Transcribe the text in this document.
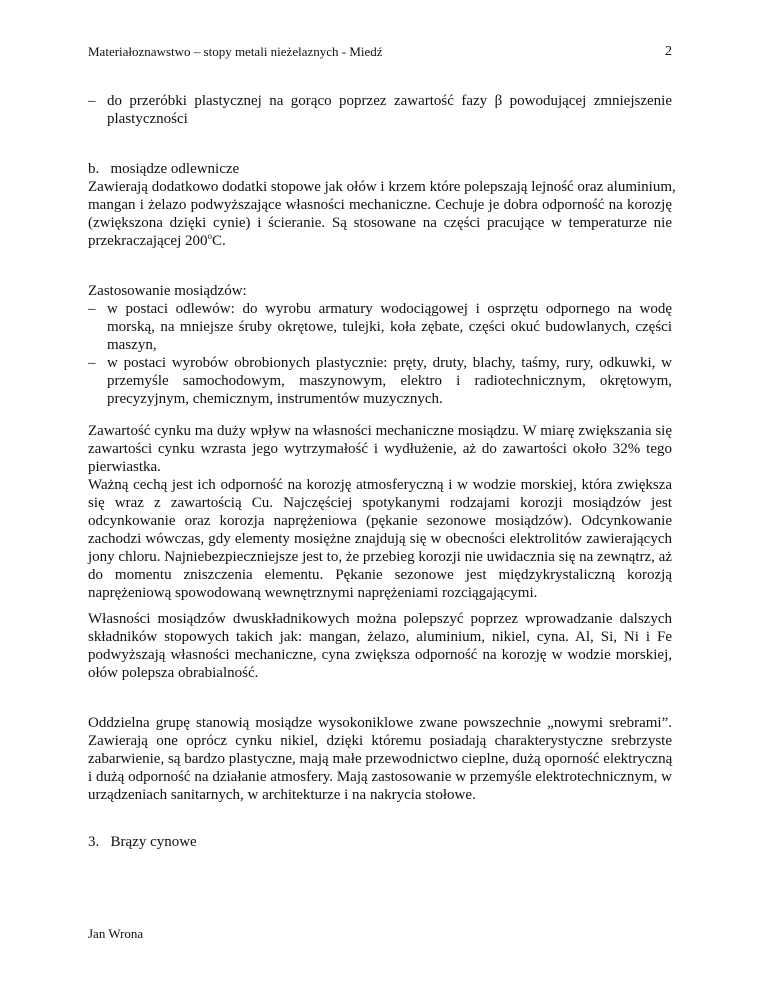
Materiałoznawstwo – stopy metali nieżelaznych - Miedź	2
– do przeróbki plastycznej na gorąco poprzez zawartość fazy β powodującej zmniejszenie
plastyczności
b.   mosiądze odlewnicze
Zawierają dodatkowo dodatki stopowe jak ołów i krzem które polepszają lejność oraz aluminium,
mangan i żelazo podwyższające własności mechaniczne. Cechuje je dobra odporność na korozję
(zwiększona dzięki cynie) i ścieranie. Są stosowane na części pracujące w temperaturze nie
przekraczającej 200$^o$C.
Zastosowanie mosiądzów:
– w postaci odlewów: do wyrobu armatury wodociągowej i osprzętu odpornego na wodę
morską, na mniejsze śruby okrętowe, tulejki, koła zębate, części okuć budowlanych, części
maszyn,
– w postaci wyrobów obrobionych plastycznie: pręty, druty, blachy, taśmy, rury, odkuwki, w
przemyśle samochodowym, maszynowym, elektro i radiotechnicznym, okrętowym,
precyzyjnym, chemicznym, instrumentów muzycznych.
Zawartość cynku ma duży wpływ na własności mechaniczne mosiądzu. W miarę zwiększania się
zawartości cynku wzrasta jego wytrzymałość i wydłużenie, aż do zawartości około 32% tego
pierwiastka.
Ważną cechą jest ich odporność na korozję atmosferyczną i w wodzie morskiej, która zwiększa
się wraz z zawartością Cu. Najczęściej spotykanymi rodzajami korozji mosiądzów jest
odcynkowanie oraz korozja naprężeniowa (pękanie sezonowe mosiądzów). Odcynkowanie
zachodzi wówczas, gdy elementy mosiężne znajdują się w obecności elektrolitów zawierających
jony chloru. Najniebezpieczniejsze jest to, że przebieg korozji nie uwidacznia się na zewnątrz, aż
do momentu zniszczenia elementu. Pękanie sezonowe jest międzykrystaliczną korozją
naprężeniową spowodowaną wewnętrznymi naprężeniami rozciągającymi.
Własności mosiądzów dwuskładnikowych można polepszyć poprzez wprowadzanie dalszych
składników stopowych takich jak: mangan, żelazo, aluminium, nikiel, cyna. Al, Si, Ni i Fe
podwyższają własności mechaniczne, cyna zwiększa odporność na korozję w wodzie morskiej,
ołów polepsza obrabialność.
Oddzielna grupę stanowią mosiądze wysokoniklowe zwane powszechnie „nowymi srebrami”.
Zawierają one oprócz cynku nikiel, dzięki któremu posiadają charakterystyczne srebrzyste
zabarwienie, są bardzo plastyczne, mają małe przewodnictwo cieplne, dużą oporność elektryczną
i dużą odporność na działanie atmosfery. Mają zastosowanie w przemyśle elektrotechnicznym, w
urządzeniach sanitarnych, w architekturze i na nakrycia stołowe.
3.   Brązy cynowe
Jan Wrona
